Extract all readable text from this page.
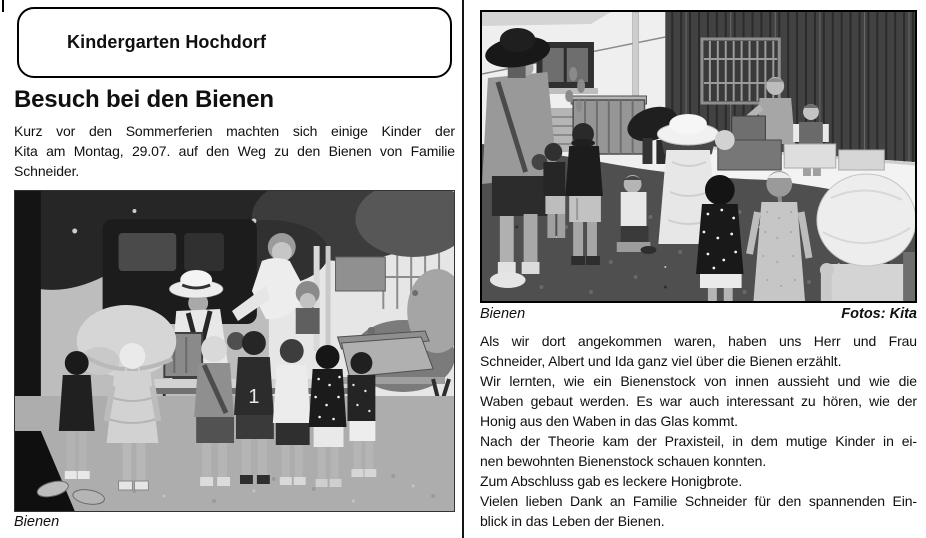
Kindergarten Hochdorf
Besuch bei den Bienen
Kurz vor den Sommerferien machten sich einige Kinder der
Kita am Montag, 29.07. auf den Weg zu den Bienen von Familie
Schneider.
1
Bienen
Bienen	Fotos: Kita
Als wir dort angekommen waren, haben uns Herr und Frau
Schneider, Albert und Ida ganz viel über die Bienen erzählt.
Wir lernten, wie ein Bienenstock von innen aussieht und wie die
Waben gebaut werden. Es war auch interessant zu hören, wie der
Honig aus den Waben in das Glas kommt.
Nach der Theorie kam der Praxisteil, in dem mutige Kinder in ei-
nen bewohnten Bienenstock schauen konnten.
Zum Abschluss gab es leckere Honigbrote.
Vielen lieben Dank an Familie Schneider für den spannenden Ein-
blick in das Leben der Bienen.
